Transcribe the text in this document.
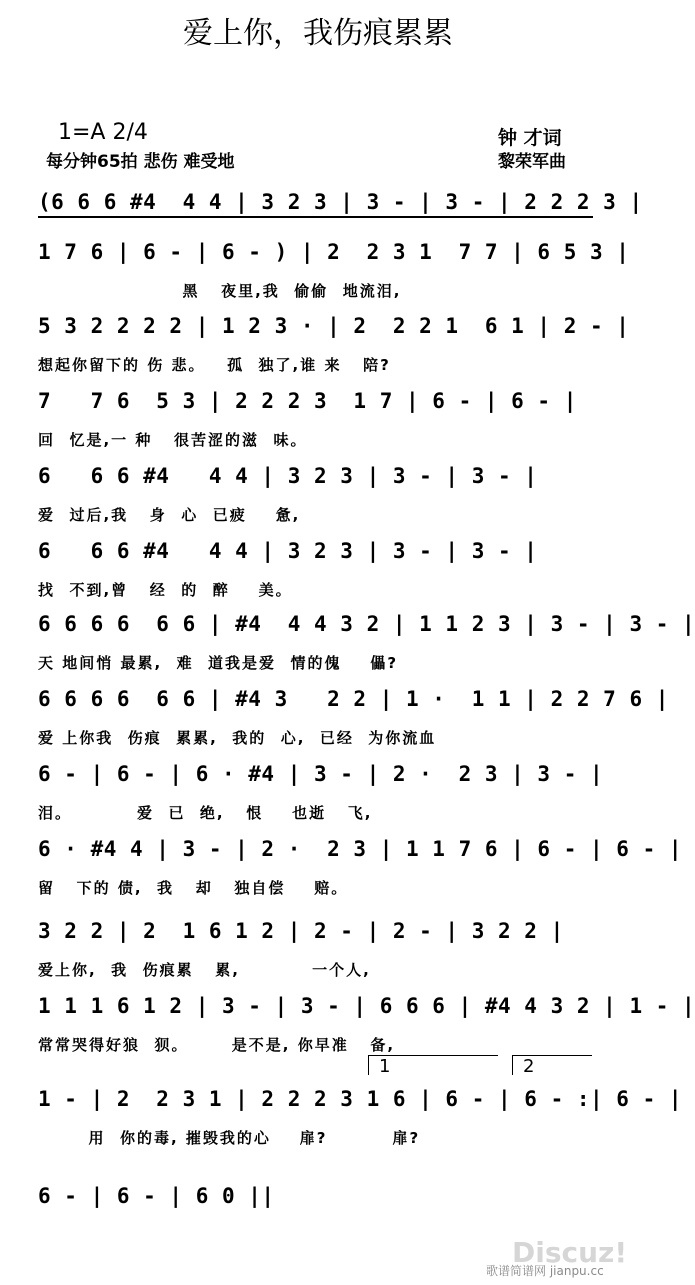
爱上你，我伤痕累累
1=A 2/4
每分钟65拍 悲伤 难受地
钟 才词
黎荣军曲
(6 6 6 #4  4 4 | 3 2 3 | 3 - | 3 - | 2 2 2 3 |
1 7 6 | 6 - | 6 - ) | 2  2 3 1  7 7 | 6 5 3 |
黑   夜里,我  偷偷  地流泪,
5 3 2 2 2 2 | 1 2 3 · | 2  2 2 1  6 1 | 2 - |
想起你留下的 伤 悲。   孤  独了,谁 来   陪?
7   7 6  5 3 | 2 2 2 3  1 7 | 6 - | 6 - |
回  忆是,一 种   很苦涩的滋  味。
6   6 6 #4   4 4 | 3 2 3 | 3 - | 3 - |
爱  过后,我   身  心  已疲    惫,
6   6 6 #4   4 4 | 3 2 3 | 3 - | 3 - |
找  不到,曾   经  的  醉    美。
6 6 6 6  6 6 | #4  4 4 3 2 | 1 1 2 3 | 3 - | 3 - |
天 地间悄 最累,  难  道我是爱  情的傀    儡?
6 6 6 6  6 6 | #4 3   2 2 | 1 ·  1 1 | 2 2 7 6 |
爱 上你我  伤痕  累累,  我的  心,  已经  为你流血
6 - | 6 - | 6 · #4 | 3 - | 2 ·  2 3 | 3 - |
泪。         爱  已  绝,   恨    也逝   飞,
6 · #4 4 | 3 - | 2 ·  2 3 | 1 1 7 6 | 6 - | 6 - |
留   下的 债,  我   却   独自偿    赔。
3 2 2 | 2  1 6 1 2 | 2 - | 2 - | 3 2 2 |
爱上你,  我  伤痕累   累,          一个人,
1 1 1 6 1 2 | 3 - | 3 - | 6 6 6 | #4 4 3 2 | 1 - |
常常哭得好狼  狈。      是不是, 你早准   备,
1	2
1 - | 2  2 3 1 | 2 2 2 3 1 6 | 6 - | 6 - :| 6 - |
用  你的毒, 摧毁我的心    扉?         扉?
6 - | 6 - | 6 0 ||
Discuz!
歌谱简谱网 jianpu.cc
